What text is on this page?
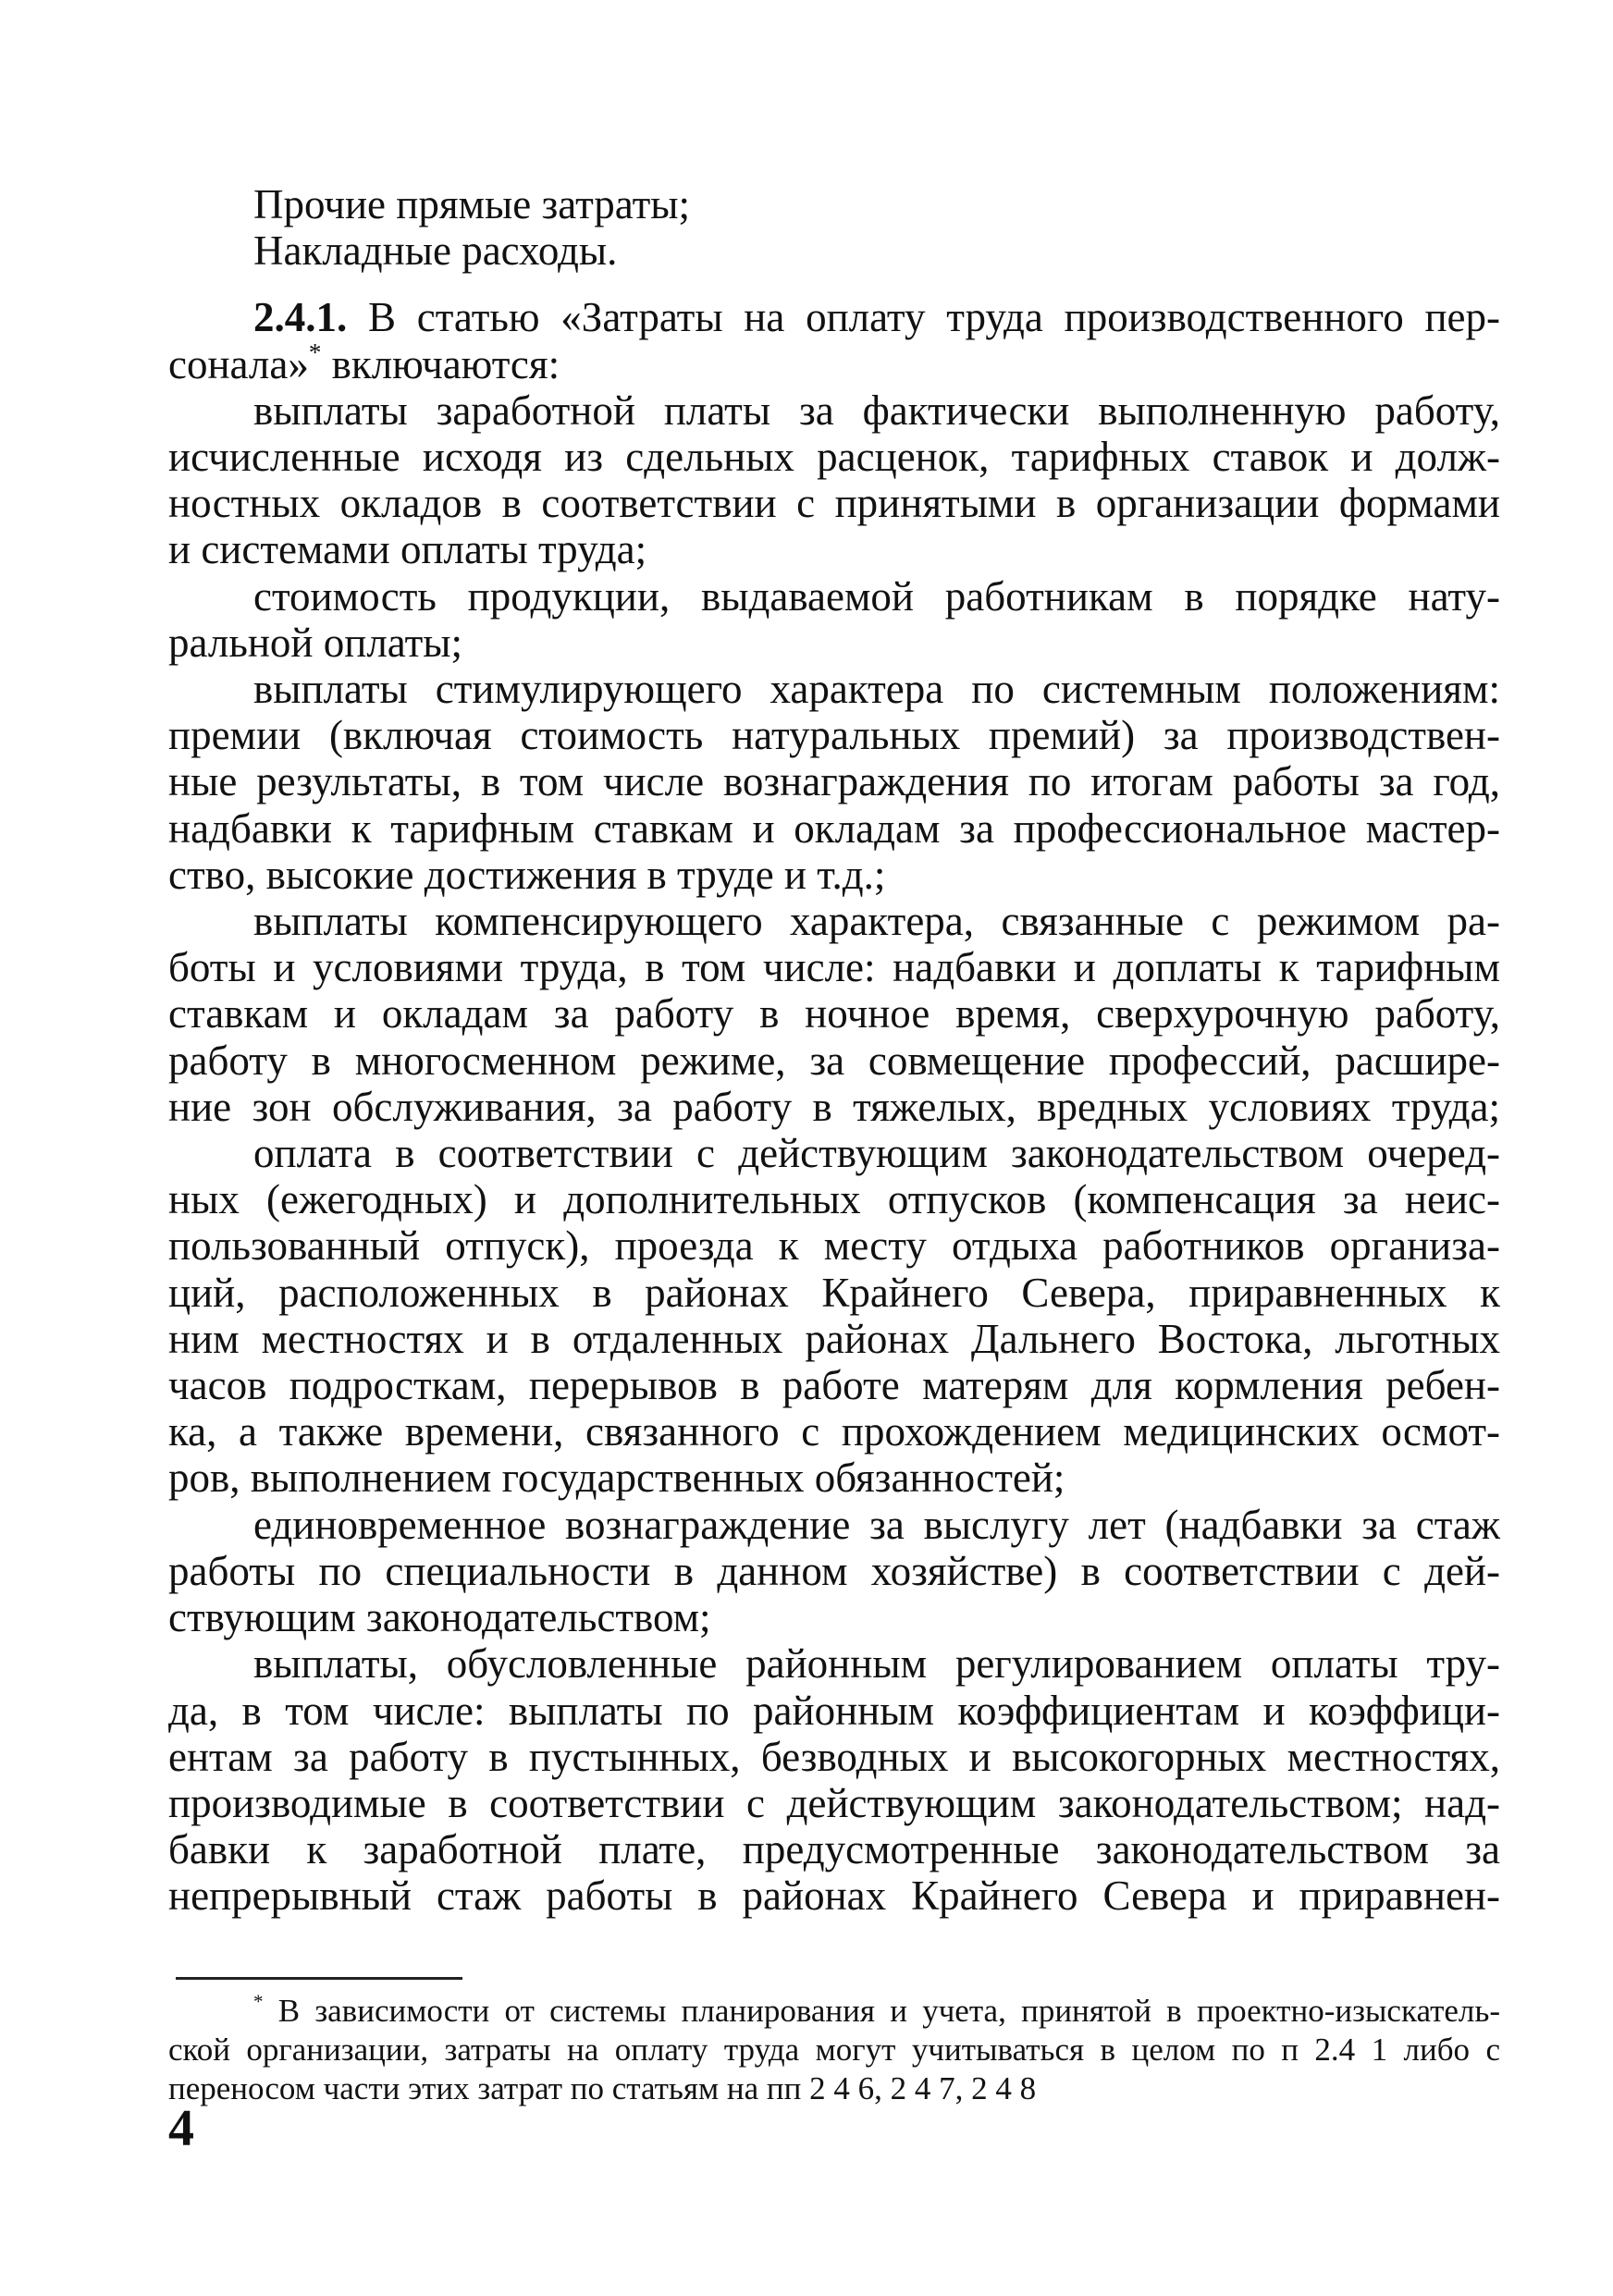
Прочие прямые затраты;

Накладные расходы.

2.4.1. В статью «Затраты на оплату труда производственного пер-

сонала»* включаются:

выплаты заработной платы за фактически выполненную работу,

исчисленные исходя из сдельных расценок, тарифных ставок и долж-

ностных окладов в соответствии с принятыми в организации формами

и системами оплаты труда;

стоимость продукции, выдаваемой работникам в порядке нату-

ральной оплаты;

выплаты стимулирующего характера по системным положениям:

премии (включая стоимость натуральных премий) за производствен-

ные результаты, в том числе вознаграждения по итогам работы за год,

надбавки к тарифным ставкам и окладам за профессиональное мастер-

ство, высокие достижения в труде и т.д.;

выплаты компенсирующего характера, связанные с режимом ра-

боты и условиями труда, в том числе: надбавки и доплаты к тарифным

ставкам и окладам за работу в ночное время, сверхурочную работу,

работу в многосменном режиме, за совмещение профессий, расшире-

ние зон обслуживания, за работу в тяжелых, вредных условиях труда;

оплата в соответствии с действующим законодательством очеред-

ных (ежегодных) и дополнительных отпусков (компенсация за неис-

пользованный отпуск), проезда к месту отдыха работников организа-

ций, расположенных в районах Крайнего Севера, приравненных к

ним местностях и в отдаленных районах Дальнего Востока, льготных

часов подросткам, перерывов в работе матерям для кормления ребен-

ка, а также времени, связанного с прохождением медицинских осмот-

ров, выполнением государственных обязанностей;

единовременное вознаграждение за выслугу лет (надбавки за стаж

работы по специальности в данном хозяйстве) в соответствии с дей-

ствующим законодательством;

выплаты, обусловленные районным регулированием оплаты тру-

да, в том числе: выплаты по районным коэффициентам и коэффици-

ентам за работу в пустынных, безводных и высокогорных местностях,

производимые в соответствии с действующим законодательством; над-

бавки к заработной плате, предусмотренные законодательством за

непрерывный стаж работы в районах Крайнего Севера и приравнен-

* В зависимости от системы планирования и учета, принятой в проектно-изыскатель-

ской организации, затраты на оплату труда могут учитываться в целом по п 2.4 1 либо с

переносом части этих затрат по статьям на пп 2 4 6, 2 4 7, 2 4 8

4
